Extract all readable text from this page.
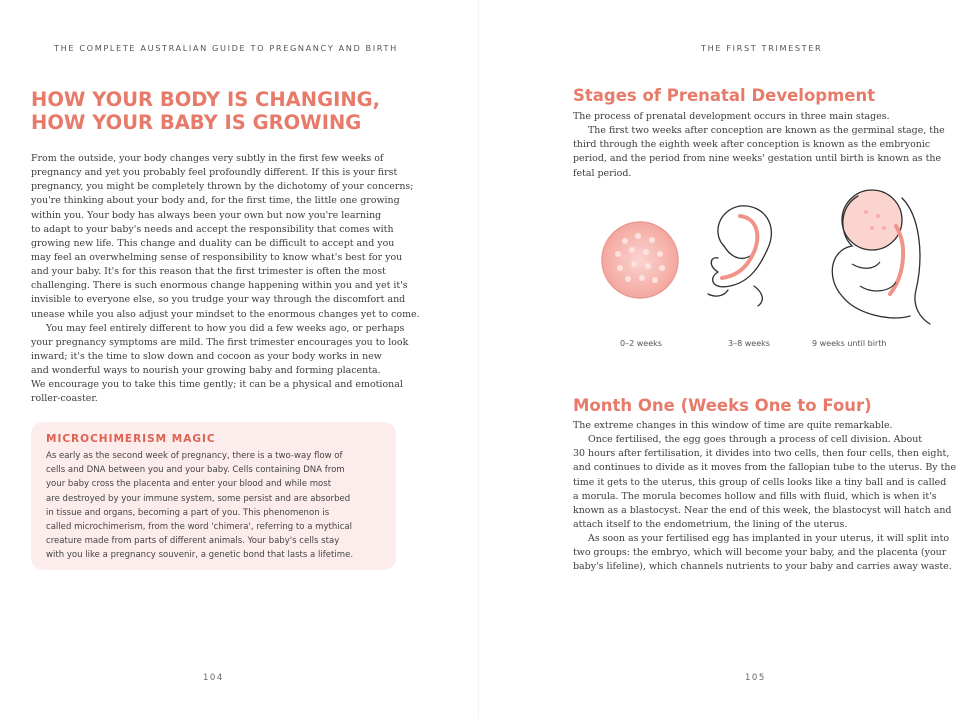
THE COMPLETE AUSTRALIAN GUIDE TO PREGNANCY AND BIRTH
HOW YOUR BODY IS CHANGING,
HOW YOUR BABY IS GROWING
From the outside, your body changes very subtly in the first few weeks of
pregnancy and yet you probably feel profoundly different. If this is your first
pregnancy, you might be completely thrown by the dichotomy of your concerns;
you're thinking about your body and, for the first time, the little one growing
within you. Your body has always been your own but now you're learning
to adapt to your baby's needs and accept the responsibility that comes with
growing new life. This change and duality can be difficult to accept and you
may feel an overwhelming sense of responsibility to know what's best for you
and your baby. It's for this reason that the first trimester is often the most
challenging. There is such enormous change happening within you and yet it's
invisible to everyone else, so you trudge your way through the discomfort and
unease while you also adjust your mindset to the enormous changes yet to come.
You may feel entirely different to how you did a few weeks ago, or perhaps
your pregnancy symptoms are mild. The first trimester encourages you to look
inward; it's the time to slow down and cocoon as your body works in new
and wonderful ways to nourish your growing baby and forming placenta.
We encourage you to take this time gently; it can be a physical and emotional
roller-coaster.
MICROCHIMERISM MAGIC
As early as the second week of pregnancy, there is a two-way flow of
cells and DNA between you and your baby. Cells containing DNA from
your baby cross the placenta and enter your blood and while most
are destroyed by your immune system, some persist and are absorbed
in tissue and organs, becoming a part of you. This phenomenon is
called microchimerism, from the word 'chimera', referring to a mythical
creature made from parts of different animals. Your baby's cells stay
with you like a pregnancy souvenir, a genetic bond that lasts a lifetime.
104
THE FIRST TRIMESTER
Stages of Prenatal Development
The process of prenatal development occurs in three main stages.
The first two weeks after conception are known as the germinal stage, the
third through the eighth week after conception is known as the embryonic
period, and the period from nine weeks' gestation until birth is known as the
fetal period.
Month One (Weeks One to Four)
The extreme changes in this window of time are quite remarkable.
Once fertilised, the egg goes through a process of cell division. About
30 hours after fertilisation, it divides into two cells, then four cells, then eight,
and continues to divide as it moves from the fallopian tube to the uterus. By the
time it gets to the uterus, this group of cells looks like a tiny ball and is called
a morula. The morula becomes hollow and fills with fluid, which is when it's
known as a blastocyst. Near the end of this week, the blastocyst will hatch and
attach itself to the endometrium, the lining of the uterus.
As soon as your fertilised egg has implanted in your uterus, it will split into
two groups: the embryo, which will become your baby, and the placenta (your
baby's lifeline), which channels nutrients to your baby and carries away waste.
105
0–2 weeks	3–8 weeks	9 weeks until birth
